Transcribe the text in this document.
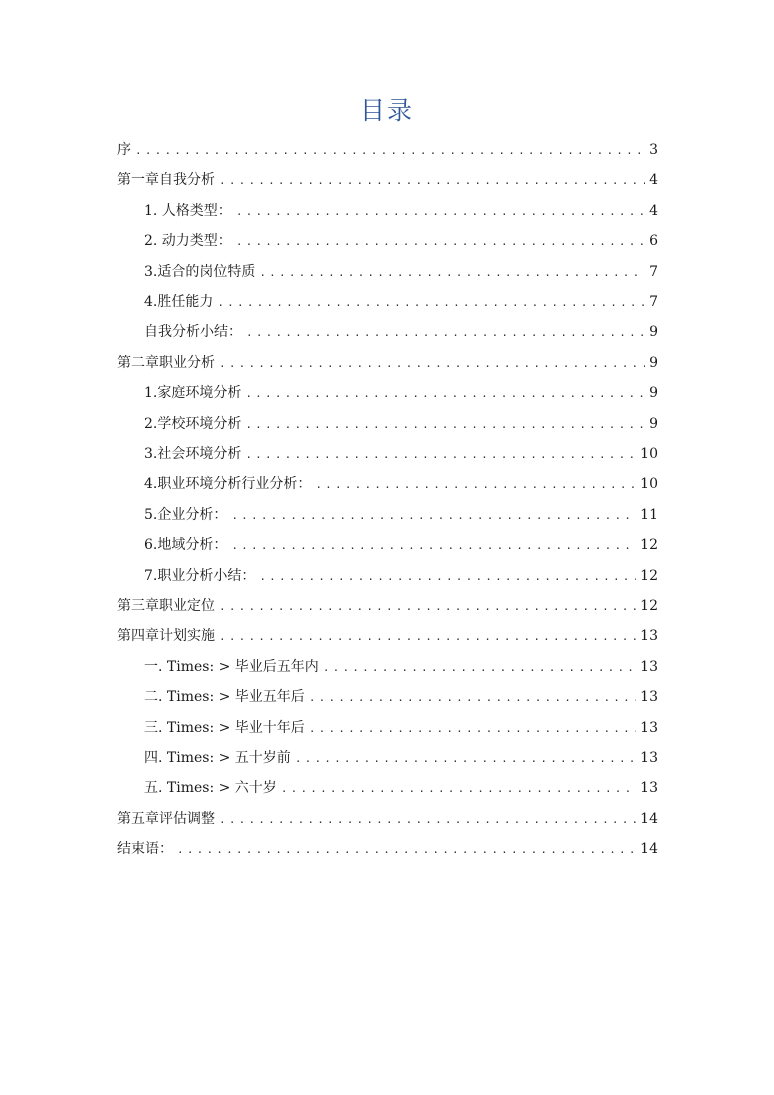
目录
序 .....	3
第一章自我分析 .....	4
1. 人格类型： .....	4
2. 动力类型： .....	6
3.适合的岗位特质 .....	7
4.胜任能力 .....	7
自我分析小结： .....	9
第二章职业分析 .....	9
1.家庭环境分析 .....	9
2.学校环境分析 .....	9
3.社会环境分析 .....	10
4.职业环境分析行业分析： .....	10
5.企业分析： .....	11
6.地域分析： .....	12
7.职业分析小结： .....	12
第三章职业定位 .....	12
第四章计划实施 .....	13
一. Times: > 毕业后五年内 .....	13
二. Times: > 毕业五年后 .....	13
三. Times: > 毕业十年后 .....	13
四. Times: > 五十岁前 .....	13
五. Times: > 六十岁 .....	13
第五章评估调整 .....	14
结束语： .....	14
